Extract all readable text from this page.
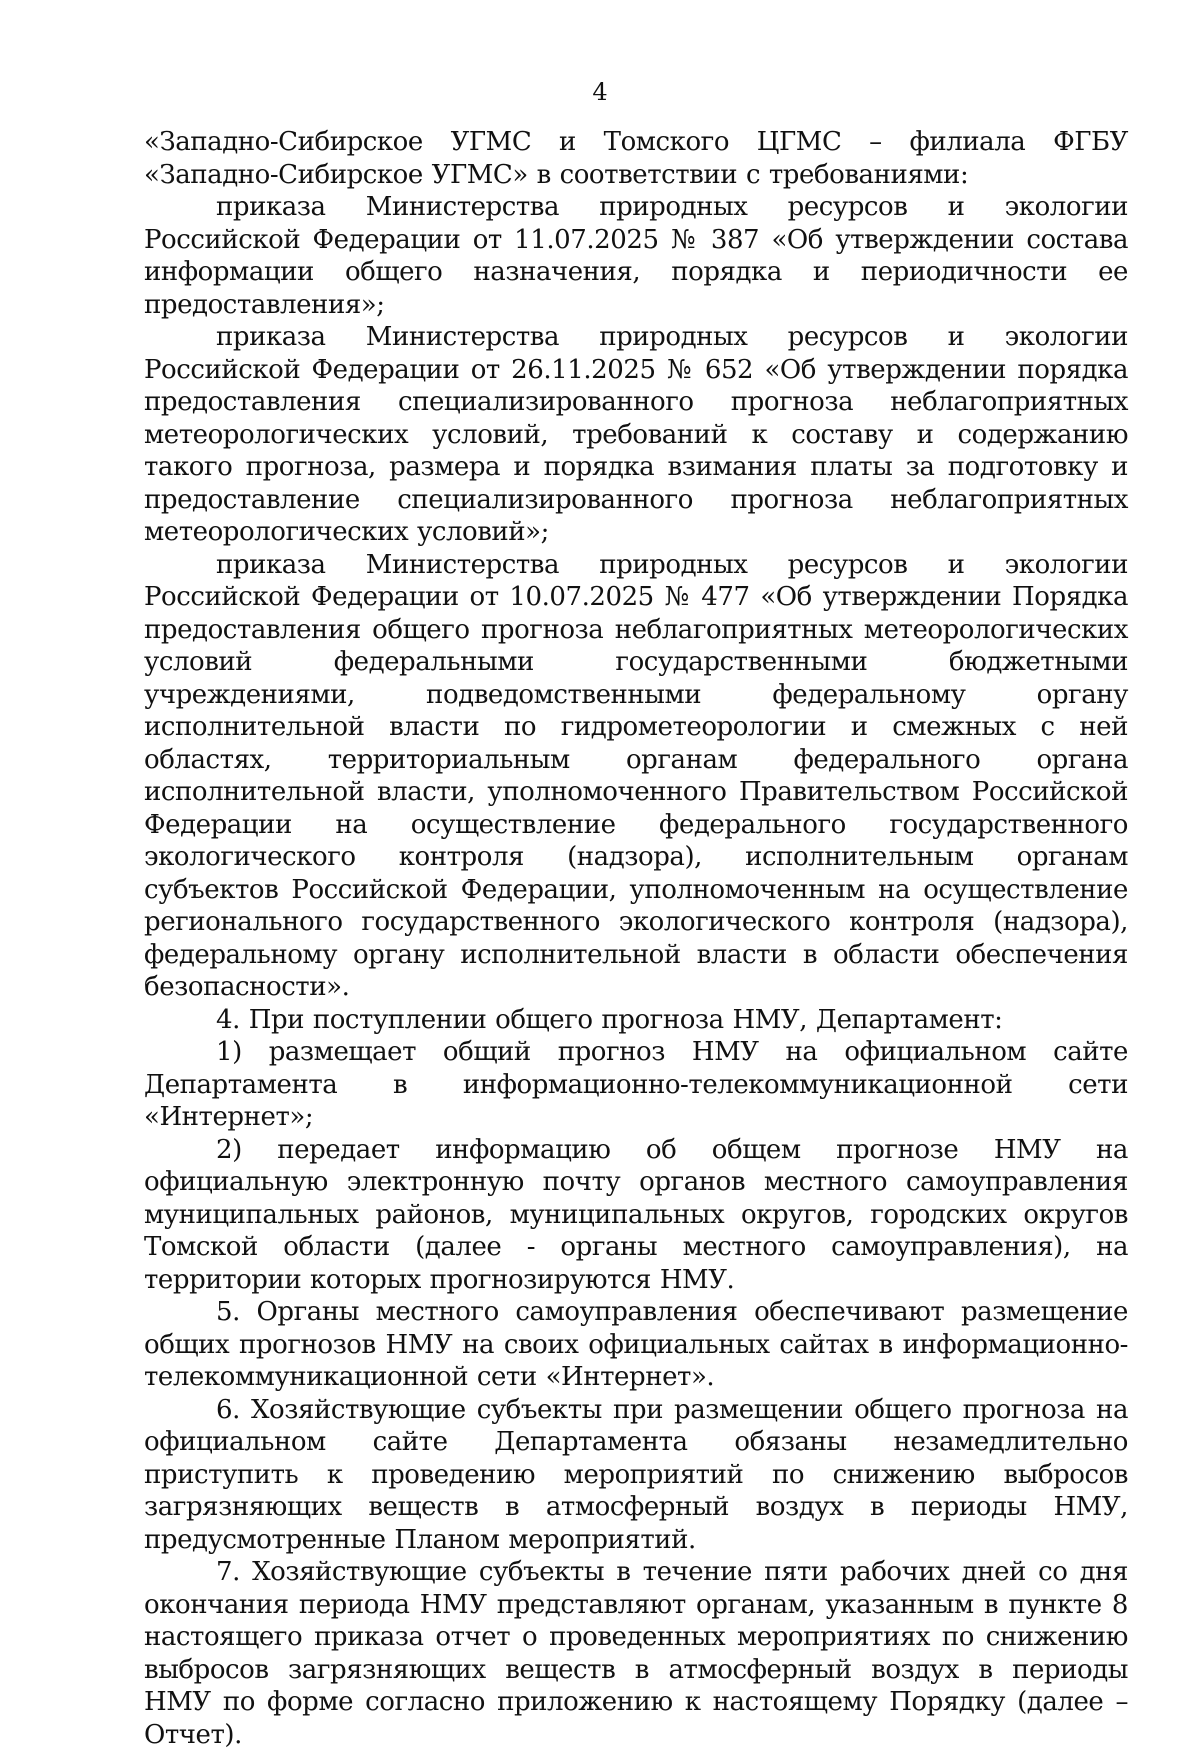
4

«Западно-Сибирское УГМС и Томского ЦГМС – филиала ФГБУ «Западно-Сибирское УГМС» в соответствии с требованиями:

приказа Министерства природных ресурсов и экологии Российской Федерации от 11.07.2025 № 387 «Об утверждении состава информации общего назначения, порядка и периодичности ее предоставления»;

приказа Министерства природных ресурсов и экологии Российской Федерации от 26.11.2025 № 652 «Об утверждении порядка предоставления специализированного прогноза неблагоприятных метеорологических условий, требований к составу и содержанию такого прогноза, размера и порядка взимания платы за подготовку и предоставление специализированного прогноза неблагоприятных метеорологических условий»;

приказа Министерства природных ресурсов и экологии Российской Федерации от 10.07.2025 № 477 «Об утверждении Порядка предоставления общего прогноза неблагоприятных метеорологических условий федеральными государственными бюджетными учреждениями, подведомственными федеральному органу исполнительной власти по гидрометеорологии и смежных с ней областях, территориальным органам федерального органа исполнительной власти, уполномоченного Правительством Российской Федерации на осуществление федерального государственного экологического контроля (надзора), исполнительным органам субъектов Российской Федерации, уполномоченным на осуществление регионального государственного экологического контроля (надзора), федеральному органу исполнительной власти в области обеспечения безопасности».

4. При поступлении общего прогноза НМУ, Департамент:

1) размещает общий прогноз НМУ на официальном сайте Департамента в информационно-телекоммуникационной сети «Интернет»;

2) передает информацию об общем прогнозе НМУ на официальную электронную почту органов местного самоуправления муниципальных районов, муниципальных округов, городских округов Томской области (далее - органы местного самоуправления), на территории которых прогнозируются НМУ.

5. Органы местного самоуправления обеспечивают размещение общих прогнозов НМУ на своих официальных сайтах в информационно-телекоммуникационной сети «Интернет».

6. Хозяйствующие субъекты при размещении общего прогноза на официальном сайте Департамента обязаны незамедлительно приступить к проведению мероприятий по снижению выбросов загрязняющих веществ в атмосферный воздух в периоды НМУ, предусмотренные Планом мероприятий.

7. Хозяйствующие субъекты в течение пяти рабочих дней со дня окончания периода НМУ представляют органам, указанным в пункте 8 настоящего приказа отчет о проведенных мероприятиях по снижению выбросов загрязняющих веществ в атмосферный воздух в периоды НМУ по форме согласно приложению к настоящему Порядку (далее – Отчет).
